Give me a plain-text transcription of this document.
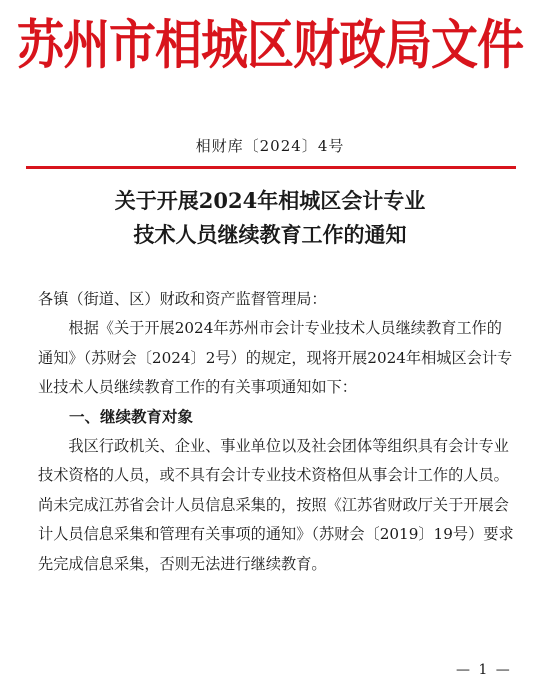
苏州市相城区财政局文件
相财库〔2024〕4号
关于开展2024年相城区会计专业
技术人员继续教育工作的通知

各镇（街道、区）财政和资产监督管理局：

根据《关于开展2024年苏州市会计专业技术人员继续教育工作的通知》（苏财会〔2024〕2号）的规定，现将开展2024年相城区会计专业技术人员继续教育工作的有关事项通知如下：

一、继续教育对象

我区行政机关、企业、事业单位以及社会团体等组织具有会计专业技术资格的人员，或不具有会计专业技术资格但从事会计工作的人员。尚未完成江苏省会计人员信息采集的，按照《江苏省财政厅关于开展会计人员信息采集和管理有关事项的通知》（苏财会〔2019〕19号）要求先完成信息采集，否则无法进行继续教育。

— 1 —
